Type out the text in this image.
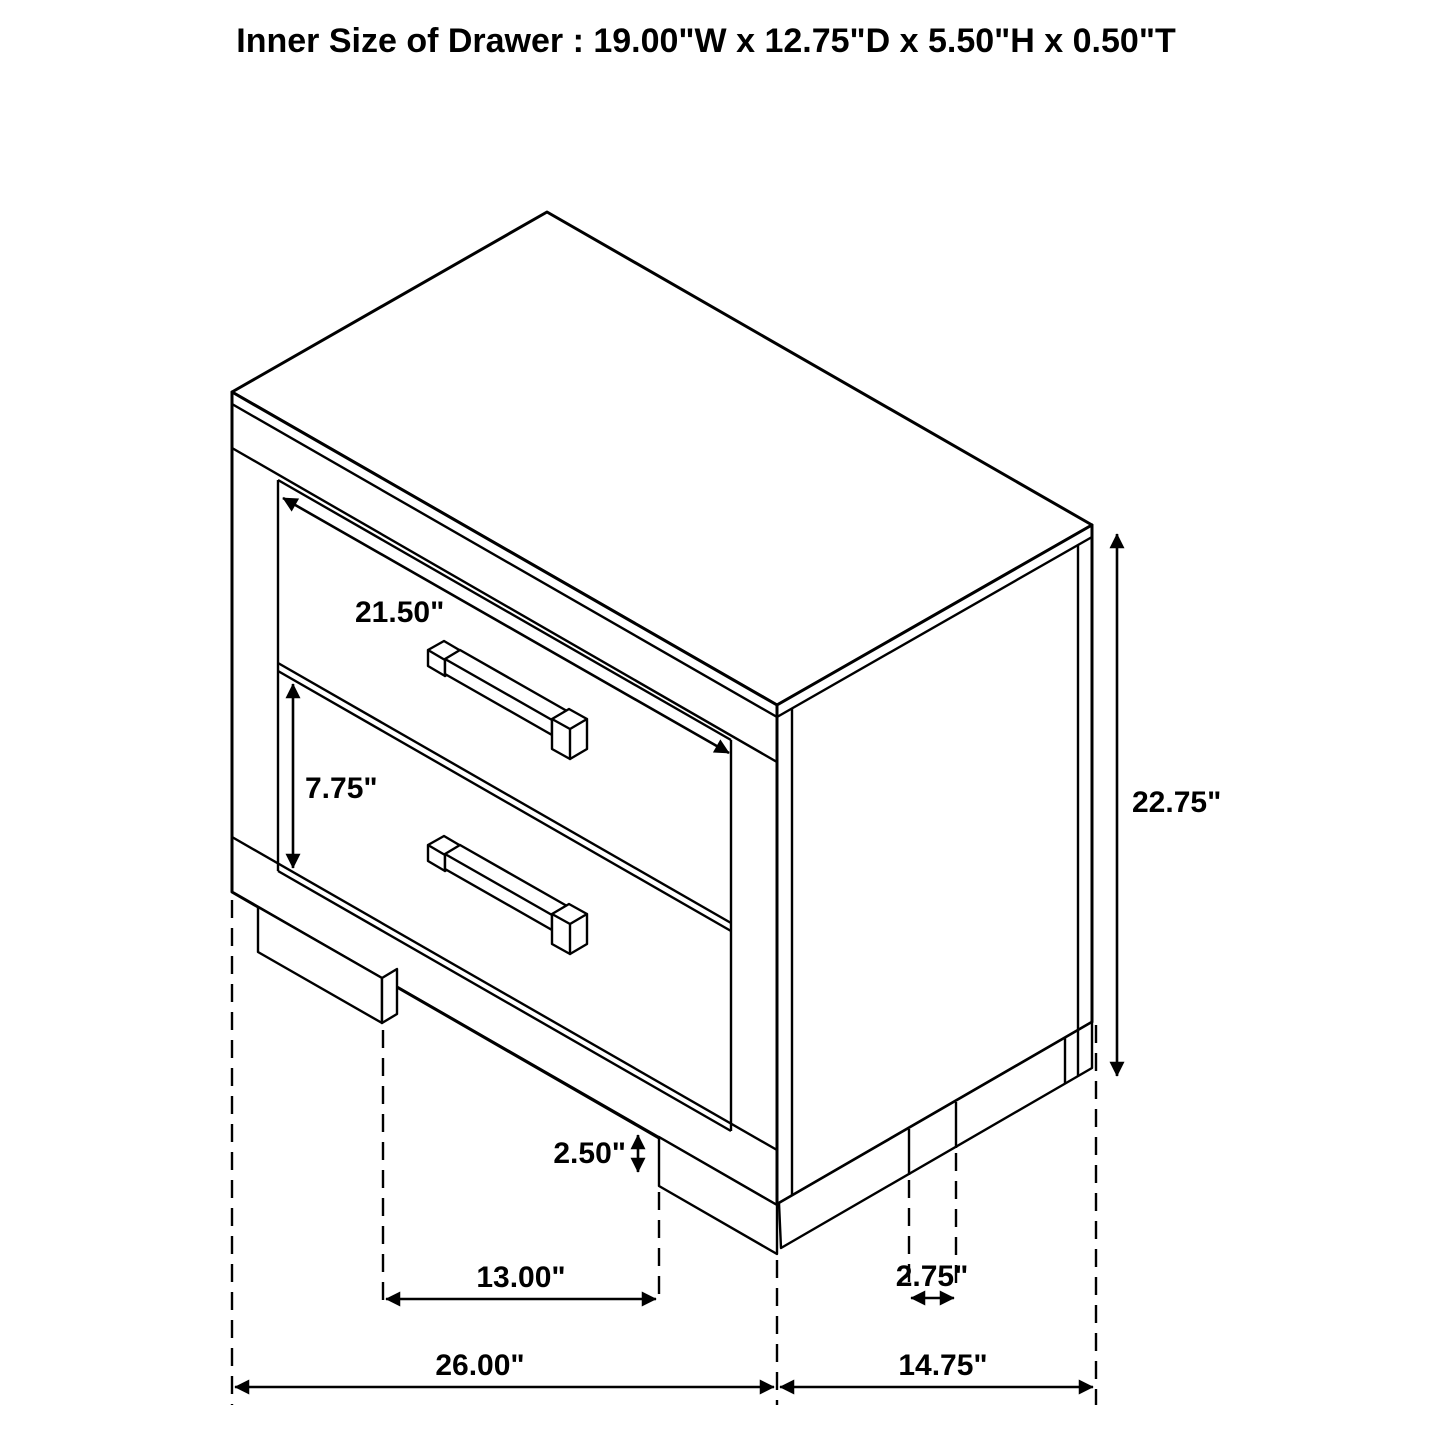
21.50"
7.75"	22.75"
2.50"
13.00"	2.75"
26.00"	14.75"
Inner Size of Drawer : 19.00"W x 12.75"D x 5.50"H x 0.50"T
